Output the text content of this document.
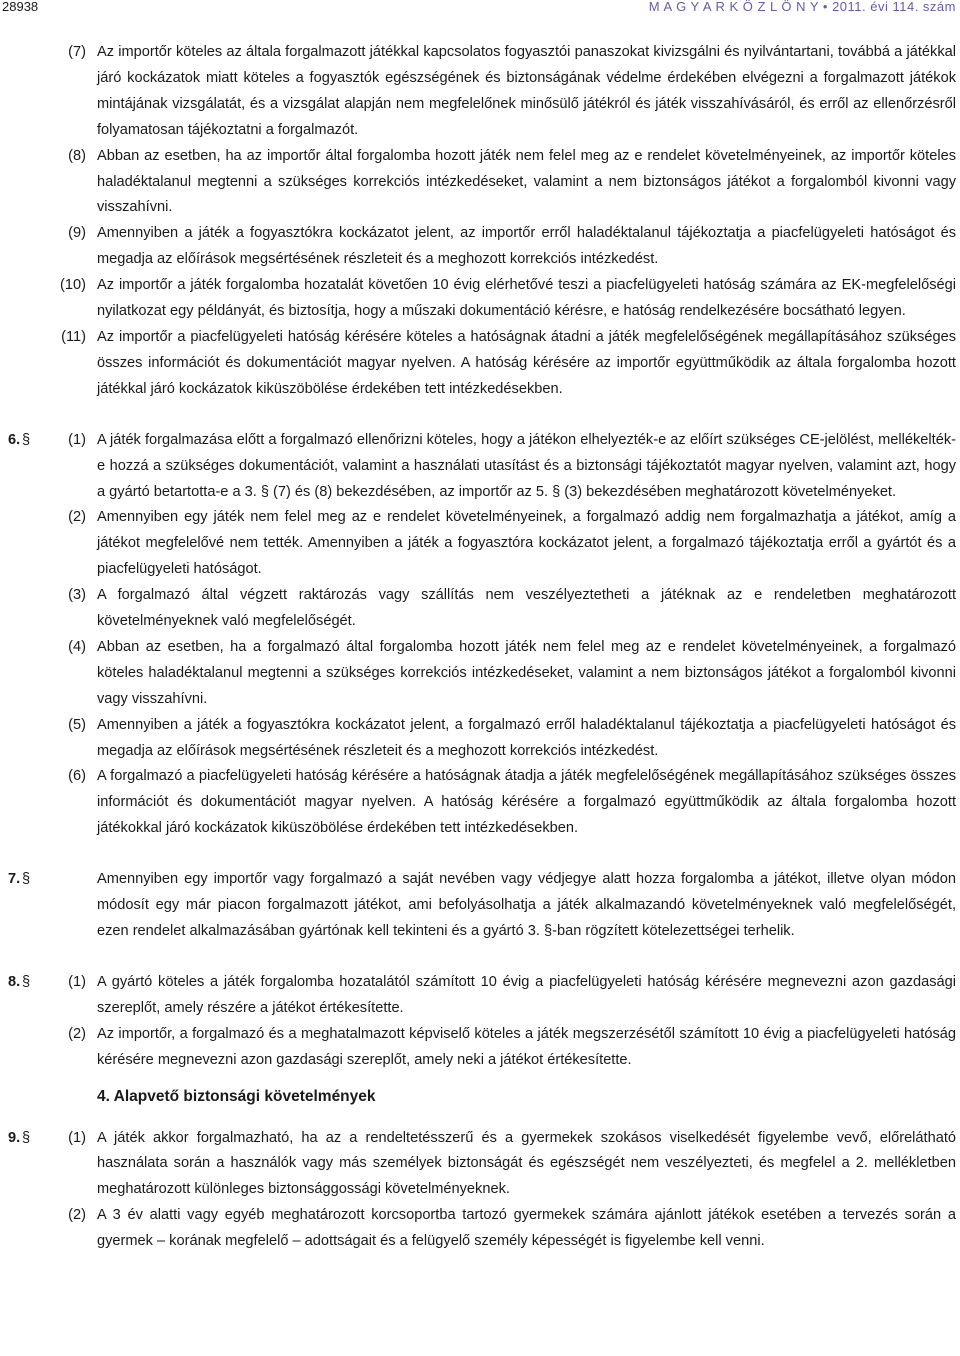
28938	M A G Y A R K Ö Z L Ö N Y • 2011. évi 114. szám
(7) Az importőr köteles az általa forgalmazott játékkal kapcsolatos fogyasztói panaszokat kivizsgálni és nyilvántartani, továbbá a játékkal járó kockázatok miatt köteles a fogyasztók egészségének és biztonságának védelme érdekében elvégezni a forgalmazott játékok mintájának vizsgálatát, és a vizsgálat alapján nem megfelelőnek minősülő játékról és játék visszahívásáról, és erről az ellenőrzésről folyamatosan tájékoztatni a forgalmazót.
(8) Abban az esetben, ha az importőr által forgalomba hozott játék nem felel meg az e rendelet követelményeinek, az importőr köteles haladéktalanul megtenni a szükséges korrekciós intézkedéseket, valamint a nem biztonságos játékot a forgalomból kivonni vagy visszahívni.
(9) Amennyiben a játék a fogyasztókra kockázatot jelent, az importőr erről haladéktalanul tájékoztatja a piacfelügyeleti hatóságot és megadja az előírások megsértésének részleteit és a meghozott korrekciós intézkedést.
(10) Az importőr a játék forgalomba hozatalát követően 10 évig elérhetővé teszi a piacfelügyeleti hatóság számára az EK-megfelelőségi nyilatkozat egy példányát, és biztosítja, hogy a műszaki dokumentáció kérésre, e hatóság rendelkezésére bocsátható legyen.
(11) Az importőr a piacfelügyeleti hatóság kérésére köteles a hatóságnak átadni a játék megfelelőségének megállapításához szükséges összes információt és dokumentációt magyar nyelven. A hatóság kérésére az importőr együttműködik az általa forgalomba hozott játékkal járó kockázatok kiküszöbölése érdekében tett intézkedésekben.
6. §	(1) A játék forgalmazása előtt a forgalmazó ellenőrizni köteles, hogy a játékon elhelyezték-e az előírt szükséges CE-jelölést, mellékelték-e hozzá a szükséges dokumentációt, valamint a használati utasítást és a biztonsági tájékoztatót magyar nyelven, valamint azt, hogy a gyártó betartotta-e a 3. § (7) és (8) bekezdésében, az importőr az 5. § (3) bekezdésében meghatározott követelményeket.
(2) Amennyiben egy játék nem felel meg az e rendelet követelményeinek, a forgalmazó addig nem forgalmazhatja a játékot, amíg a játékot megfelelővé nem tették. Amennyiben a játék a fogyasztóra kockázatot jelent, a forgalmazó tájékoztatja erről a gyártót és a piacfelügyeleti hatóságot.
(3) A forgalmazó által végzett raktározás vagy szállítás nem veszélyeztetheti a játéknak az e rendeletben meghatározott követelményeknek való megfelelőségét.
(4) Abban az esetben, ha a forgalmazó által forgalomba hozott játék nem felel meg az e rendelet követelményeinek, a forgalmazó köteles haladéktalanul megtenni a szükséges korrekciós intézkedéseket, valamint a nem biztonságos játékot a forgalomból kivonni vagy visszahívni.
(5) Amennyiben a játék a fogyasztókra kockázatot jelent, a forgalmazó erről haladéktalanul tájékoztatja a piacfelügyeleti hatóságot és megadja az előírások megsértésének részleteit és a meghozott korrekciós intézkedést.
(6) A forgalmazó a piacfelügyeleti hatóság kérésére a hatóságnak átadja a játék megfelelőségének megállapításához szükséges összes információt és dokumentációt magyar nyelven. A hatóság kérésére a forgalmazó együttműködik az általa forgalomba hozott játékokkal járó kockázatok kiküszöbölése érdekében tett intézkedésekben.
7. §	Amennyiben egy importőr vagy forgalmazó a saját nevében vagy védjegye alatt hozza forgalomba a játékot, illetve olyan módon módosít egy már piacon forgalmazott játékot, ami befolyásolhatja a játék alkalmazandó követelményeknek való megfelelőségét, ezen rendelet alkalmazásában gyártónak kell tekinteni és a gyártó 3. §-ban rögzített kötelezettségei terhelik.
8. §	(1) A gyártó köteles a játék forgalomba hozatalától számított 10 évig a piacfelügyeleti hatóság kérésére megnevezni azon gazdasági szereplőt, amely részére a játékot értékesítette.
(2) Az importőr, a forgalmazó és a meghatalmazott képviselő köteles a játék megszerzésétől számított 10 évig a piacfelügyeleti hatóság kérésére megnevezni azon gazdasági szereplőt, amely neki a játékot értékesítette.
4. Alapvető biztonsági követelmények
9. §	(1) A játék akkor forgalmazható, ha az a rendeltetésszerű és a gyermekek szokásos viselkedését figyelembe vevő, előrelátható használata során a használók vagy más személyek biztonságát és egészségét nem veszélyezteti, és megfelel a 2. mellékletben meghatározott különleges biztonsággossági követelményeknek.
(2) A 3 év alatti vagy egyéb meghatározott korcsoportba tartozó gyermekek számára ajánlott játékok esetében a tervezés során a gyermek – korának megfelelő – adottságait és a felügyelő személy képességét is figyelembe kell venni.
